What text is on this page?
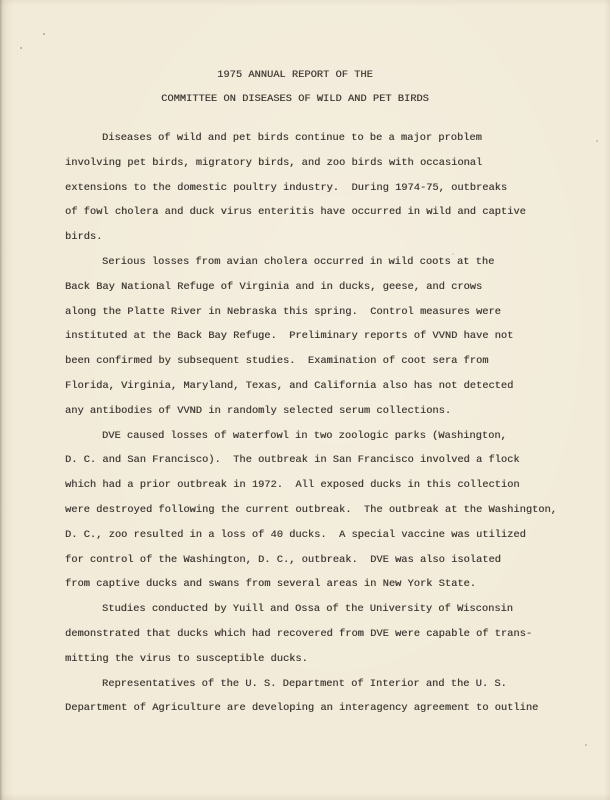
1975 ANNUAL REPORT OF THE
COMMITTEE ON DISEASES OF WILD AND PET BIRDS
Diseases of wild and pet birds continue to be a major problem
involving pet birds, migratory birds, and zoo birds with occasional
extensions to the domestic poultry industry.  During 1974-75, outbreaks
of fowl cholera and duck virus enteritis have occurred in wild and captive
birds.
Serious losses from avian cholera occurred in wild coots at the
Back Bay National Refuge of Virginia and in ducks, geese, and crows
along the Platte River in Nebraska this spring.  Control measures were
instituted at the Back Bay Refuge.  Preliminary reports of VVND have not
been confirmed by subsequent studies.  Examination of coot sera from
Florida, Virginia, Maryland, Texas, and California also has not detected
any antibodies of VVND in randomly selected serum collections.
DVE caused losses of waterfowl in two zoologic parks (Washington,
D. C. and San Francisco).  The outbreak in San Francisco involved a flock
which had a prior outbreak in 1972.  All exposed ducks in this collection
were destroyed following the current outbreak.  The outbreak at the Washington,
D. C., zoo resulted in a loss of 40 ducks.  A special vaccine was utilized
for control of the Washington, D. C., outbreak.  DVE was also isolated
from captive ducks and swans from several areas in New York State.
Studies conducted by Yuill and Ossa of the University of Wisconsin
demonstrated that ducks which had recovered from DVE were capable of trans-
mitting the virus to susceptible ducks.
Representatives of the U. S. Department of Interior and the U. S.
Department of Agriculture are developing an interagency agreement to outline
